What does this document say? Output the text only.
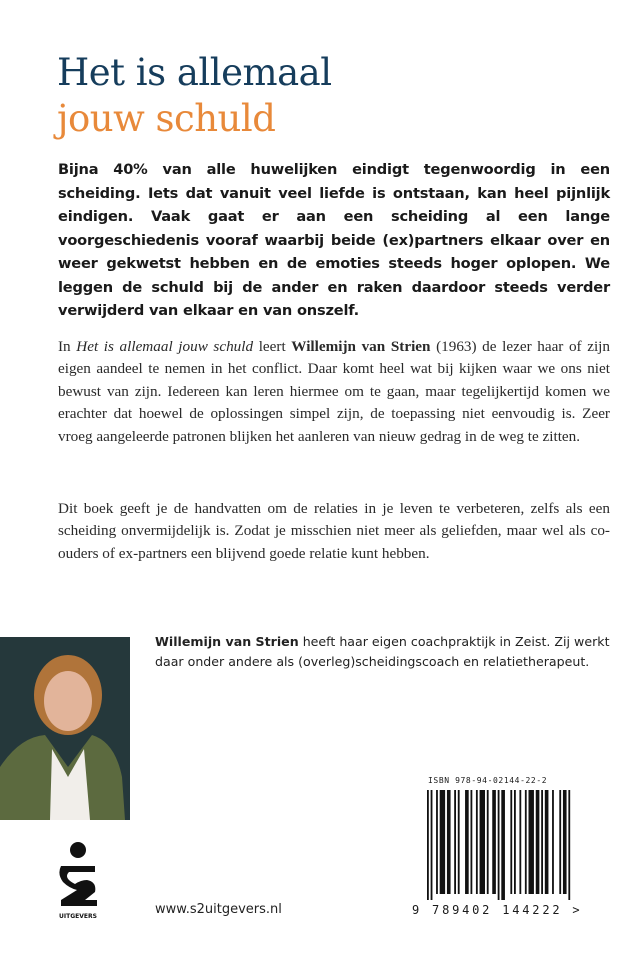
Het is allemaal
jouw schuld
Bijna 40% van alle huwelijken eindigt tegenwoordig in een scheiding. Iets dat vanuit veel liefde is ontstaan, kan heel pijnlijk eindigen. Vaak gaat er aan een scheiding al een lange voorgeschiedenis vooraf waarbij beide (ex)partners elkaar over en weer gekwetst hebben en de emoties steeds hoger oplopen. We leggen de schuld bij de ander en raken daardoor steeds verder verwijderd van elkaar en van onszelf.
In Het is allemaal jouw schuld leert Willemijn van Strien (1963) de lezer haar of zijn eigen aandeel te nemen in het conflict. Daar komt heel wat bij kijken waar we ons niet bewust van zijn. Iedereen kan leren hiermee om te gaan, maar tegelijkertijd komen we erachter dat hoewel de oplossingen simpel zijn, de toepassing niet eenvoudig is. Zeer vroeg aangeleerde patronen blijken het aanleren van nieuw gedrag in de weg te zitten.
Dit boek geeft je de handvatten om de relaties in je leven te verbeteren, zelfs als een scheiding onvermijdelijk is. Zodat je misschien niet meer als geliefden, maar wel als co-ouders of ex-partners een blijvend goede relatie kunt hebben.
Willemijn van Strien heeft haar eigen coachpraktijk in Zeist. Zij werkt daar onder andere als (overleg)scheidingscoach en relatietherapeut.
UITGEVERS	www.s2uitgevers.nl
ISBN 978-94-02144-22-2
9 789402 144222 >
